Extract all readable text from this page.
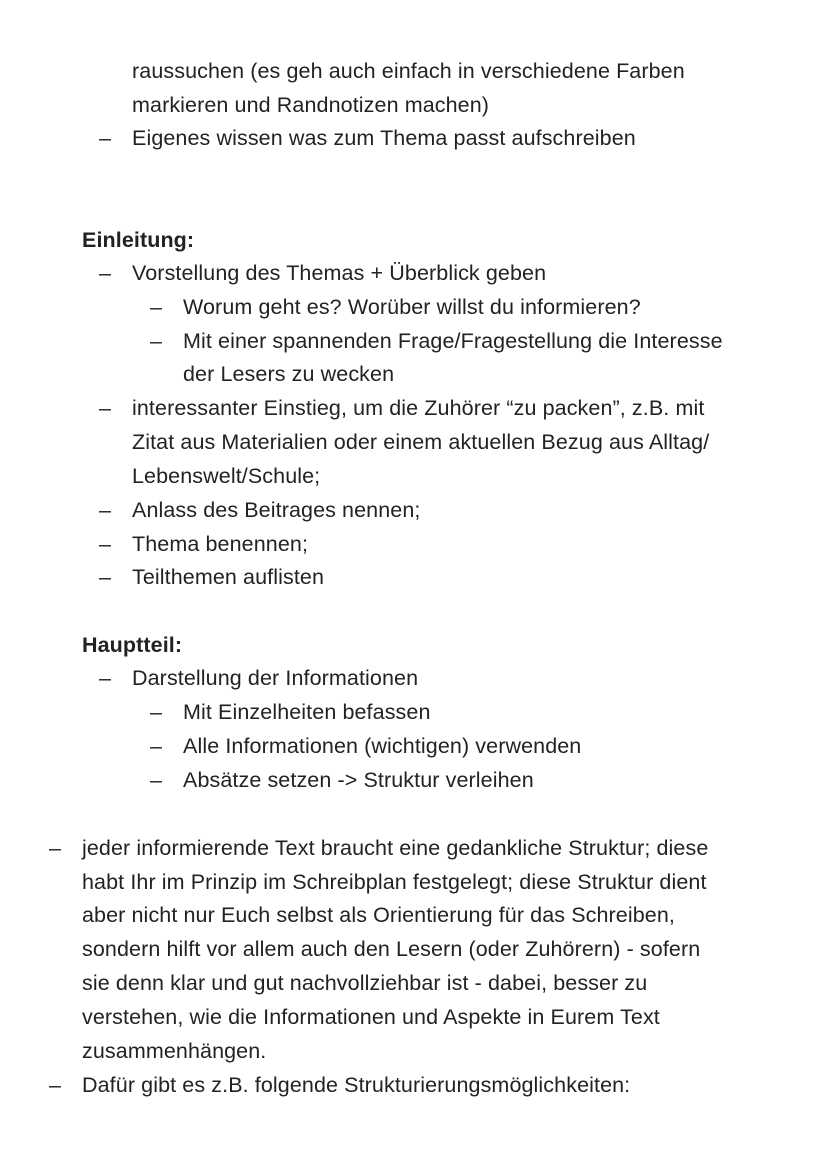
raussuchen (es geh auch einfach in verschiedene Farben
markieren und Randnotizen machen)
– Eigenes wissen was zum Thema passt aufschreiben
Einleitung:
– Vorstellung des Themas + Überblick geben
– Worum geht es? Worüber willst du informieren?
– Mit einer spannenden Frage/Fragestellung die Interesse
der Lesers zu wecken
– interessanter Einstieg, um die Zuhörer “zu packen”, z.B. mit
Zitat aus Materialien oder einem aktuellen Bezug aus Alltag/
Lebenswelt/Schule;
– Anlass des Beitrages nennen;
– Thema benennen;
– Teilthemen auflisten
Hauptteil:
– Darstellung der Informationen
– Mit Einzelheiten befassen
– Alle Informationen (wichtigen) verwenden
– Absätze setzen -> Struktur verleihen
– jeder informierende Text braucht eine gedankliche Struktur; diese
habt Ihr im Prinzip im Schreibplan festgelegt; diese Struktur dient
aber nicht nur Euch selbst als Orientierung für das Schreiben,
sondern hilft vor allem auch den Lesern (oder Zuhörern) - sofern
sie denn klar und gut nachvollziehbar ist - dabei, besser zu
verstehen, wie die Informationen und Aspekte in Eurem Text
zusammenhängen.
– Dafür gibt es z.B. folgende Strukturierungsmöglichkeiten:
